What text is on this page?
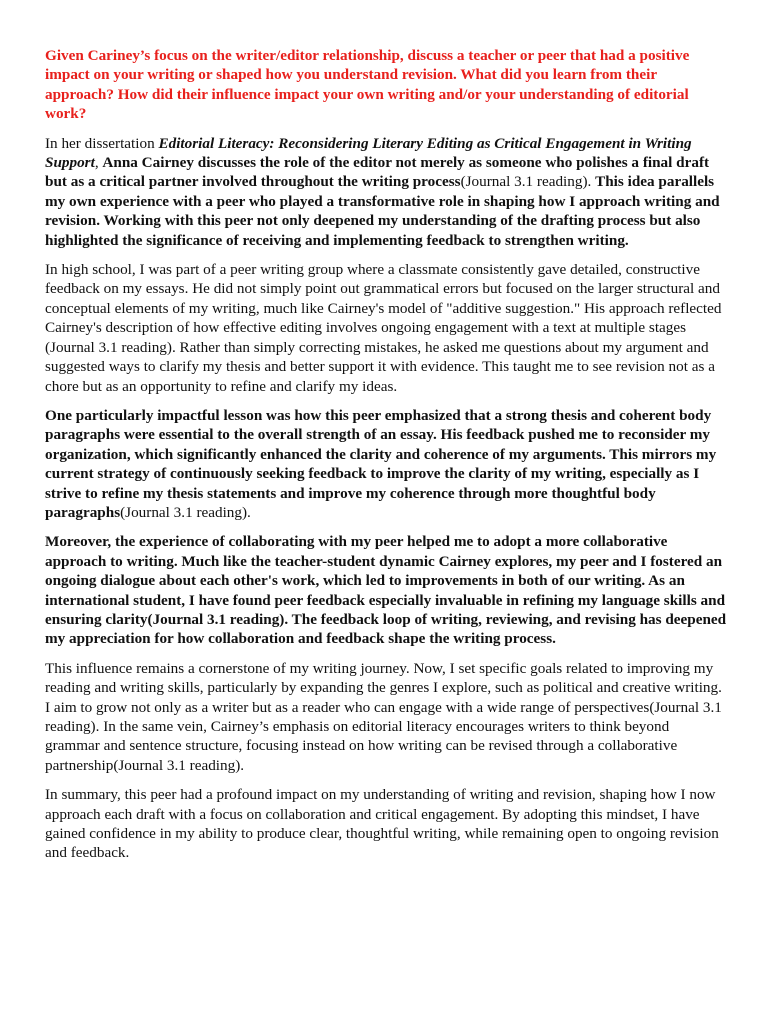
Given Cariney’s focus on the writer/editor relationship, discuss a teacher or peer that had a positive impact on your writing or shaped how you understand revision. What did you learn from their approach? How did their influence impact your own writing and/or your understanding of editorial work?

In her dissertation Editorial Literacy: Reconsidering Literary Editing as Critical Engagement in Writing Support, Anna Cairney discusses the role of the editor not merely as someone who polishes a final draft but as a critical partner involved throughout the writing process(Journal 3.1 reading). This idea parallels my own experience with a peer who played a transformative role in shaping how I approach writing and revision. Working with this peer not only deepened my understanding of the drafting process but also highlighted the significance of receiving and implementing feedback to strengthen writing.

In high school, I was part of a peer writing group where a classmate consistently gave detailed, constructive feedback on my essays. He did not simply point out grammatical errors but focused on the larger structural and conceptual elements of my writing, much like Cairney's model of "additive suggestion." His approach reflected Cairney's description of how effective editing involves ongoing engagement with a text at multiple stages (Journal 3.1 reading). Rather than simply correcting mistakes, he asked me questions about my argument and suggested ways to clarify my thesis and better support it with evidence. This taught me to see revision not as a chore but as an opportunity to refine and clarify my ideas.

One particularly impactful lesson was how this peer emphasized that a strong thesis and coherent body paragraphs were essential to the overall strength of an essay. His feedback pushed me to reconsider my organization, which significantly enhanced the clarity and coherence of my arguments. This mirrors my current strategy of continuously seeking feedback to improve the clarity of my writing, especially as I strive to refine my thesis statements and improve my coherence through more thoughtful body paragraphs(Journal 3.1 reading).

Moreover, the experience of collaborating with my peer helped me to adopt a more collaborative approach to writing. Much like the teacher-student dynamic Cairney explores, my peer and I fostered an ongoing dialogue about each other's work, which led to improvements in both of our writing. As an international student, I have found peer feedback especially invaluable in refining my language skills and ensuring clarity(Journal 3.1 reading). The feedback loop of writing, reviewing, and revising has deepened my appreciation for how collaboration and feedback shape the writing process.

This influence remains a cornerstone of my writing journey. Now, I set specific goals related to improving my reading and writing skills, particularly by expanding the genres I explore, such as political and creative writing. I aim to grow not only as a writer but as a reader who can engage with a wide range of perspectives(Journal 3.1 reading). In the same vein, Cairney’s emphasis on editorial literacy encourages writers to think beyond grammar and sentence structure, focusing instead on how writing can be revised through a collaborative partnership(Journal 3.1 reading).

In summary, this peer had a profound impact on my understanding of writing and revision, shaping how I now approach each draft with a focus on collaboration and critical engagement. By adopting this mindset, I have gained confidence in my ability to produce clear, thoughtful writing, while remaining open to ongoing revision and feedback.
